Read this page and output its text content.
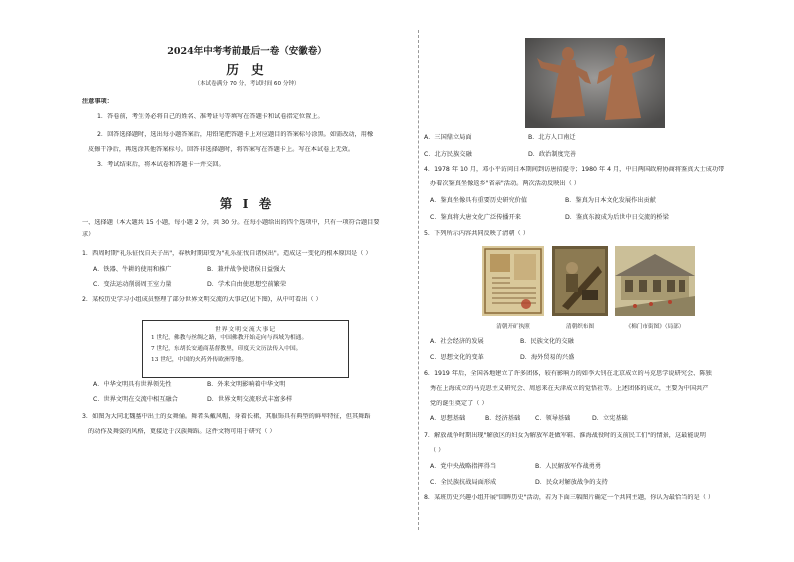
2024年中考考前最后一卷（安徽卷）
历 史
（本试卷满分 70 分，考试时间 60 分钟）
注意事项：
1．答卷前，考生务必将自己的姓名、准考证号等填写在答题卡和试卷指定位置上。
2．回答选择题时，选出每小题答案后，用铅笔把答题卡上对应题目的答案标号涂黑。如需改动，用橡
皮擦干净后，再选涂其他答案标号。回答非选择题时，将答案写在答题卡上。写在本试卷上无效。
3．考试结束后，将本试卷和答题卡一并交回。
第 I 卷
一、选择题（本大题共 15 小题，每小题 2 分，共 30 分。在每小题给出的四个选项中，只有一项符合题目要
求）
1．西周时期"礼乐征伐自天子出"，春秋时期却变为"礼乐征伐自诸侯出"。造成这一变化的根本原因是（ ）
A．铁器、牛耕的使用和推广	B．兼并战争使诸侯日益强大
C．变法运动削弱周王室力量	D．学术自由使思想空前繁荣
2．某校历史学习小组成员整理了部分世界文明交流的大事记(见下图)，从中可看出（ ）
世界文明交流大事记
1 世纪，佛教与丝绸之路，中国佛教开始走向与西域为相通。
7 世纪，东胡长安通商基督教里，印度天文历法传入中国。
13 世纪，中国的火药外传欧洲等地。
A．中华文明具有世界领先性	B．外来文明影响着中华文明
C．世界文明在交流中相互融合	D．世界文明交流形式丰富多样
3．如图为大同北魏墓中出土的女舞俑。舞者头戴风帽，身着长裙，其服饰具有典型的鲜卑特征，但其舞蹈
的动作及舞姿的风格，更接近于汉族舞蹈。这件文物可用于研究（ ）
A．三国鼎立局面	B．北方人口南迁
C．北方民族交融	D．政治制度完善
4．1978 年 10 月，邓小平访问日本期间到访唐招提寺；1980 年 4 月，中日两国政府协商将鉴真大士成功带
办着次鉴真坐像返乡"省亲"活动。两次活动反映出（ ）
A．鉴真坐像具有重要历史研究价值	B．鉴真为日本文化发展作出贡献
C．鉴真将大唐文化广泛传播开来	D．鉴真东渡成为后世中日交流的桥梁
5．下列所示内容共同反映了清朝（ ）
清朝开矿执照	清朝织布图	《棉门市街图》（局部）
A．社会经济的发展	B．民族文化的交融
C．思想文化的变革	D．海外贸易的兴盛
6．1919 年后，全国各地建立了许多团体，较有影响力的如李大钊在北京成立的马克思学说研究会、陈独
秀在上海成立的马克思主义研究会、周恩来在天津成立的觉悟社等。上述团体的成立，主要为中国共产
党的诞生奠定了（ ）
A．思想基础	B．经济基础 C．领导基础	D．立宪基础
7．解放战争时期出现"解放区的妇女为解放军赶做军鞋、淮海战役时的支前民工们"的情景，这最能说明
（ ）
A．党中央战略指挥得当	B．人民解放军作战勇勇
C．全民族抗战局面形成	D．民众对解放战争的支持
8．某班历史兴趣小组开展"回眸历史"活动，若为下面三幅图片确定一个共同主题，你认为最恰当的是（ ）
